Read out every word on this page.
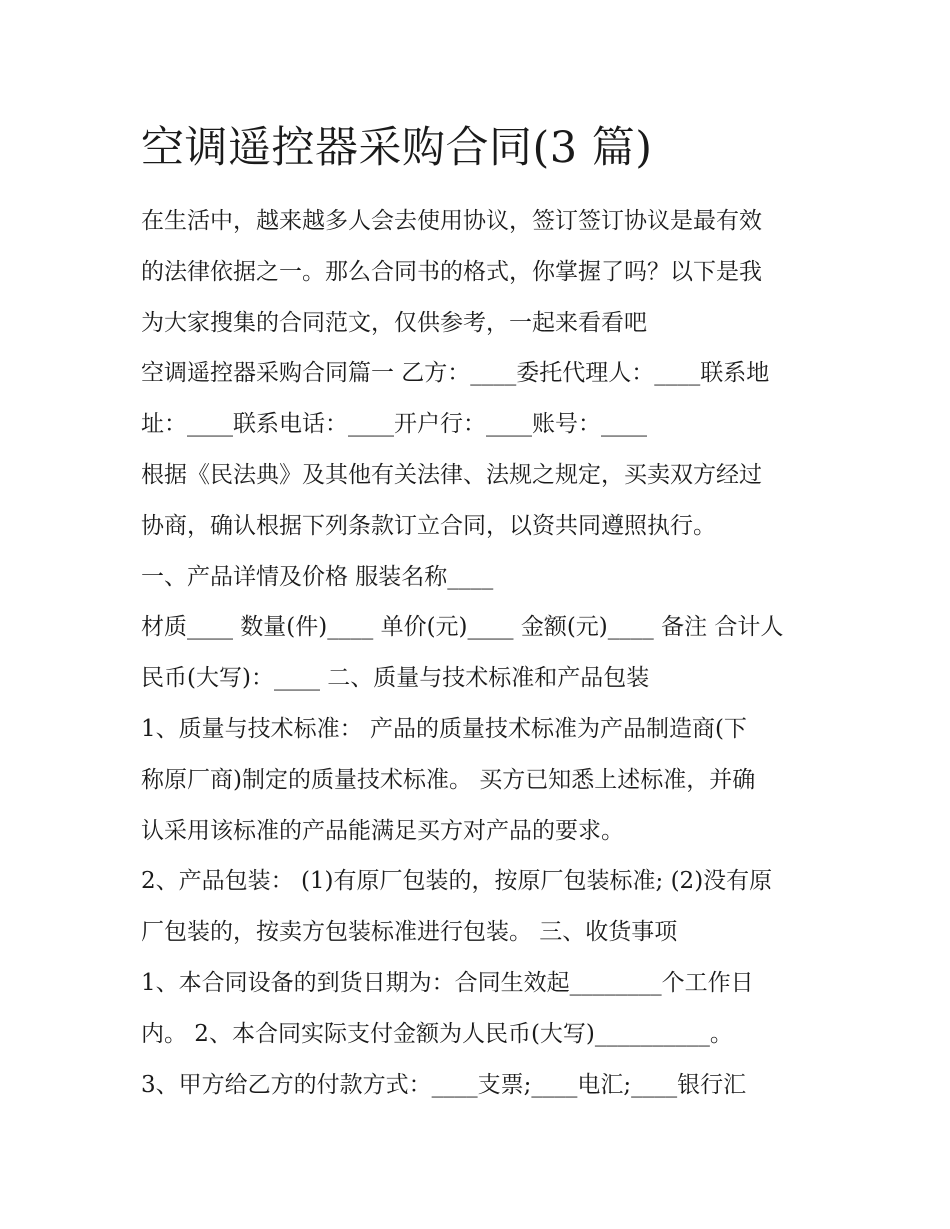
空调遥控器采购合同(3 篇)
在生活中，越来越多人会去使用协议，签订签订协议是最有效
的法律依据之一。那么合同书的格式，你掌握了吗？以下是我
为大家搜集的合同范文，仅供参考，一起来看看吧
空调遥控器采购合同篇一 乙方：____委托代理人：____联系地
址：____联系电话：____开户行：____账号：____
根据《民法典》及其他有关法律、法规之规定，买卖双方经过
协商，确认根据下列条款订立合同，以资共同遵照执行。
一、产品详情及价格 服装名称____
材质____ 数量(件)____ 单价(元)____ 金额(元)____ 备注 合计人
民币(大写)：____ 二、质量与技术标准和产品包装
1、质量与技术标准： 产品的质量技术标准为产品制造商(下
称原厂商)制定的质量技术标准。 买方已知悉上述标准，并确
认采用该标准的产品能满足买方对产品的要求。
2、产品包装： (1)有原厂包装的，按原厂包装标准; (2)没有原
厂包装的，按卖方包装标准进行包装。 三、收货事项
1、本合同设备的到货日期为：合同生效起________个工作日
内。 2、本合同实际支付金额为人民币(大写)__________。
3、甲方给乙方的付款方式：____支票;____电汇;____银行汇
